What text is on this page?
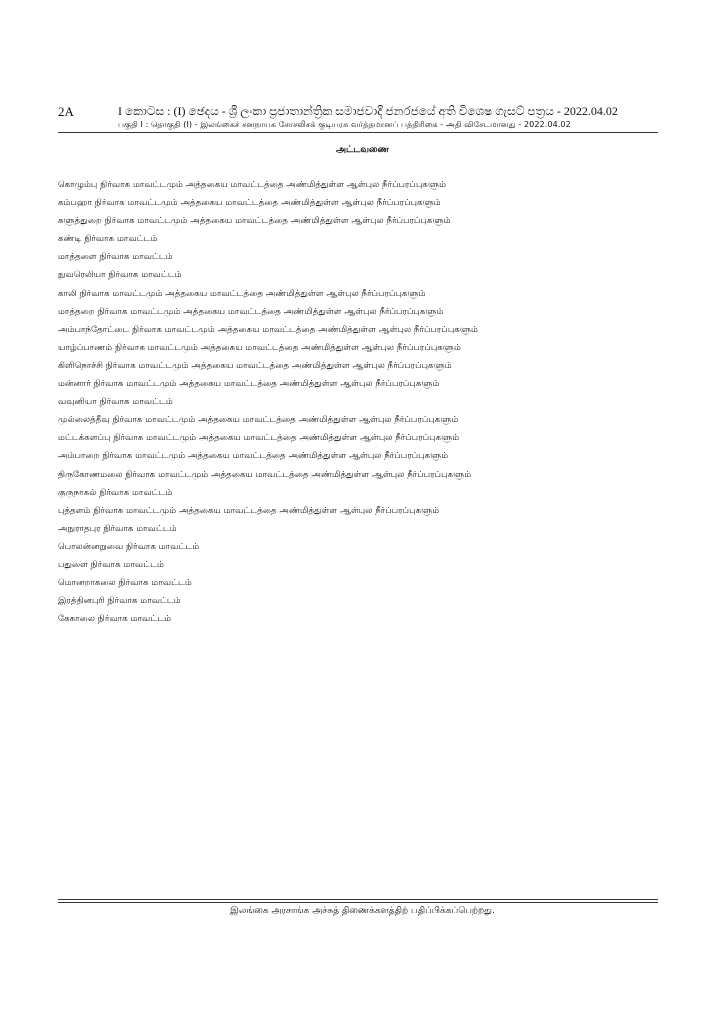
2A	I කොටස : (I) ඡෙදය - ශ්‍රී ලංකා ප්‍රජාතාන්ත්‍රික සමාජවාදී ජනරජයේ අති විශෙෂ ගැසට් පත්‍රය - 2022.04.02
பகுதி I : தொகுதி (I) - இலங்கைச் சனநாயக சோசலிசக் குடியரசு வர்த்தமானப் பத்திரிகை - அதி விசேடமானது - 2022.04.02
அட்டவணை
கொழும்பு நிர்வாக மாவட்டமும் அத்தகைய மாவட்டத்தை அண்மித்துள்ள ஆள்புல நீர்ப்பரப்புகளும்
கம்பஹா நிர்வாக மாவட்டமும் அத்தகைய மாவட்டத்தை அண்மித்துள்ள ஆள்புல நீர்ப்பரப்புகளும்
களுத்துறை நிர்வாக மாவட்டமும் அத்தகைய மாவட்டத்தை அண்மித்துள்ள ஆள்புல நீர்ப்பரப்புகளும்
கண்டி நிர்வாக மாவட்டம்
மாத்தளை நிர்வாக மாவட்டம்
நுவரெலியா நிர்வாக மாவட்டம்
காலி நிர்வாக மாவட்டமும் அத்தகைய மாவட்டத்தை அண்மித்துள்ள ஆள்புல நீர்ப்பரப்புகளும்
மாத்தறை நிர்வாக மாவட்டமும் அத்தகைய மாவட்டத்தை அண்மித்துள்ள ஆள்புல நீர்ப்பரப்புகளும்
அம்பாந்தோட்டை நிர்வாக மாவட்டமும் அத்தகைய மாவட்டத்தை அண்மித்துள்ள ஆள்புல நீர்ப்பரப்புகளும்
யாழ்ப்பாணம் நிர்வாக மாவட்டமும் அத்தகைய மாவட்டத்தை அண்மித்துள்ள ஆள்புல நீர்ப்பரப்புகளும்
கிளிநொச்சி நிர்வாக மாவட்டமும் அத்தகைய மாவட்டத்தை அண்மித்துள்ள ஆள்புல நீர்ப்பரப்புகளும்
மன்னார் நிர்வாக மாவட்டமும் அத்தகைய மாவட்டத்தை அண்மித்துள்ள ஆள்புல நீர்ப்பரப்புகளும்
வவுனியா நிர்வாக மாவட்டம்
முல்லைத்தீவு நிர்வாக மாவட்டமும் அத்தகைய மாவட்டத்தை அண்மித்துள்ள ஆள்புல நீர்ப்பரப்புகளும்
மட்டக்களப்பு நிர்வாக மாவட்டமும் அத்தகைய மாவட்டத்தை அண்மித்துள்ள ஆள்புல நீர்ப்பரப்புகளும்
அம்பாறை நிர்வாக மாவட்டமும் அத்தகைய மாவட்டத்தை அண்மித்துள்ள ஆள்புல நீர்ப்பரப்புகளும்
திருகோணமலை நிர்வாக மாவட்டமும் அத்தகைய மாவட்டத்தை அண்மித்துள்ள ஆள்புல நீர்ப்பரப்புகளும்
குருநாகல் நிர்வாக மாவட்டம்
புத்தளம் நிர்வாக மாவட்டமும் அத்தகைய மாவட்டத்தை அண்மித்துள்ள ஆள்புல நீர்ப்பரப்புகளும்
அநுராதபுர நிர்வாக மாவட்டம்
பொலன்னறுவை நிர்வாக மாவட்டம்
பதுளை நிர்வாக மாவட்டம்
மொனறாகலை நிர்வாக மாவட்டம்
இரத்தினபுரி நிர்வாக மாவட்டம்
கேகாலை நிர்வாக மாவட்டம்
இலங்கை அரசாங்க அச்சுத் திணைக்களத்திற் பதிப்பிக்கப்பெற்றது.
